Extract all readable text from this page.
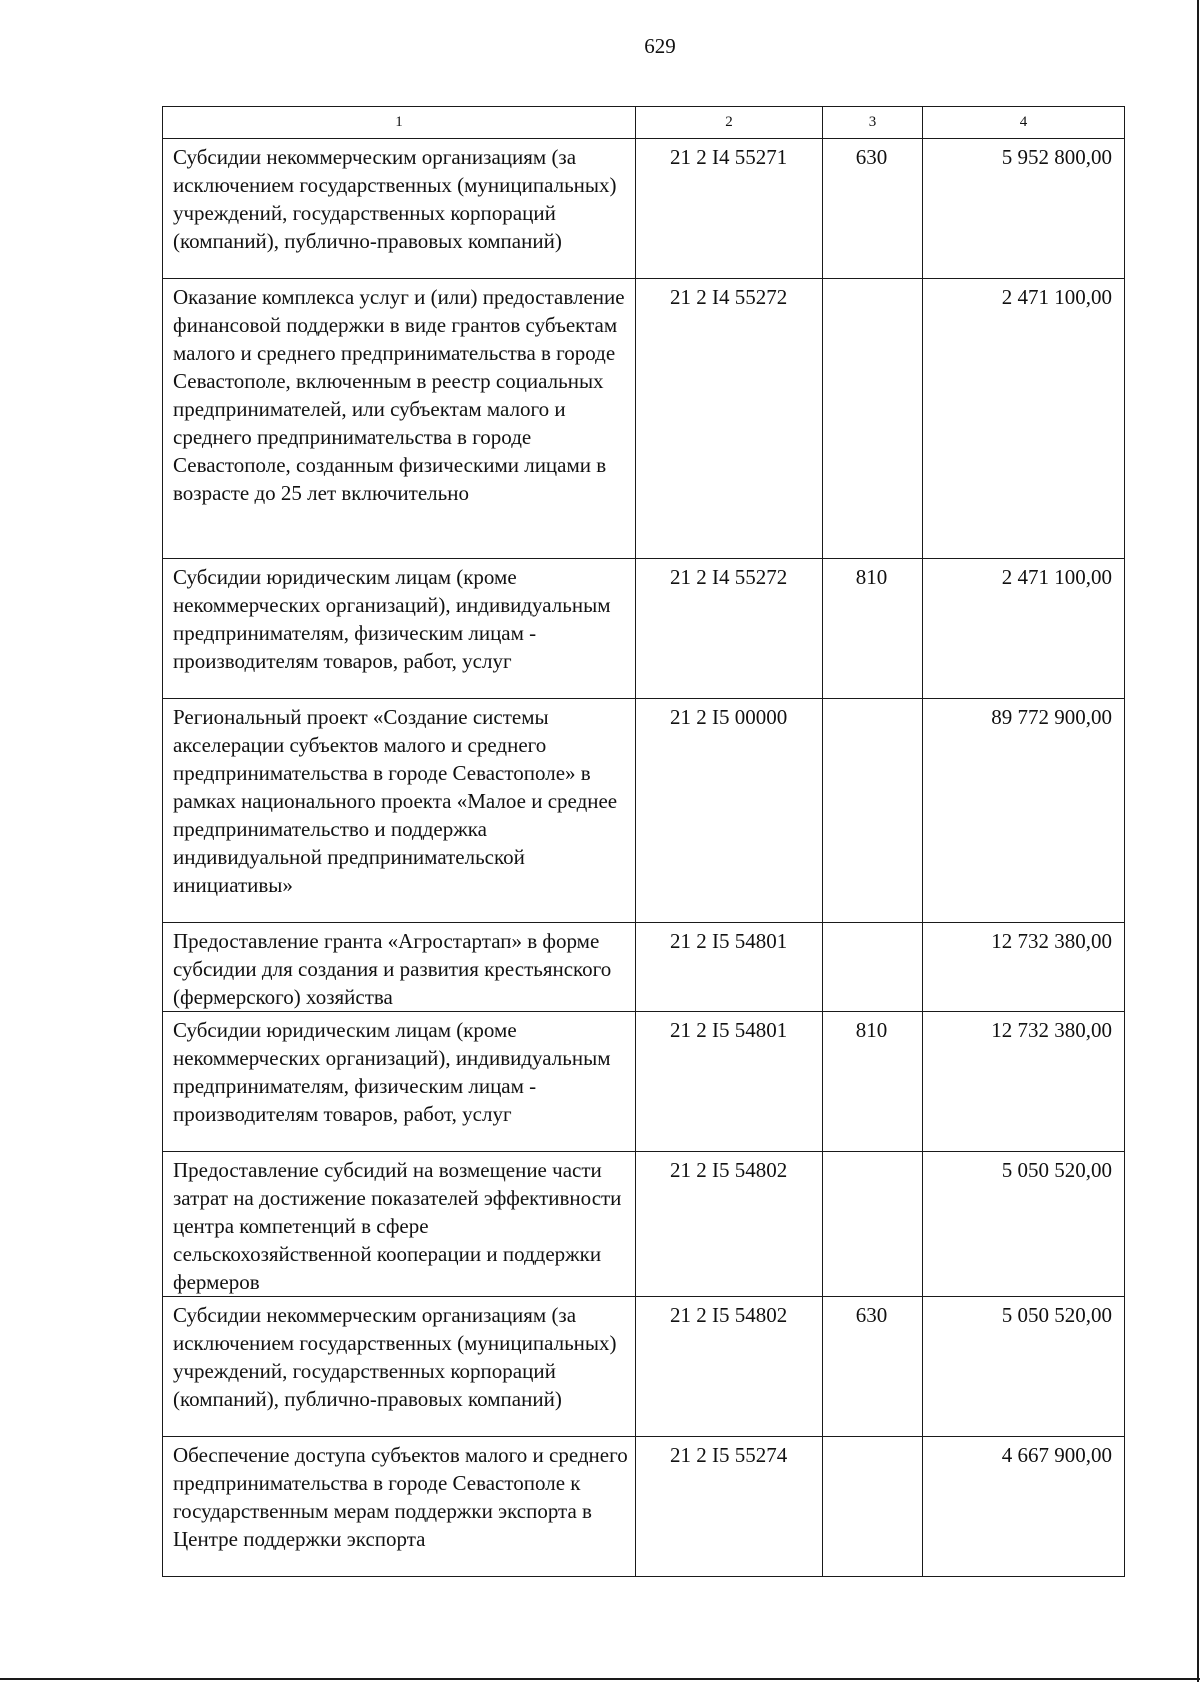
629
1	2	3	4
Субсидии некоммерческим организациям (за исключением государственных (муниципальных) учреждений, государственных корпораций (компаний), публично-правовых компаний)	21 2 I4 55271	630	5 952 800,00
Оказание комплекса услуг и (или) предоставление финансовой поддержки в виде грантов субъектам малого и среднего предпринимательства в городе Севастополе, включенным в реестр социальных предпринимателей, или субъектам малого и среднего предпринимательства в городе Севастополе, созданным физическими лицами в возрасте до 25 лет включительно	21 2 I4 55272		2 471 100,00
Субсидии юридическим лицам (кроме некоммерческих организаций), индивидуальным предпринимателям, физическим лицам - производителям товаров, работ, услуг	21 2 I4 55272	810	2 471 100,00
Региональный проект «Создание системы акселерации субъектов малого и среднего предпринимательства в городе Севастополе» в рамках национального проекта «Малое и среднее предпринимательство и поддержка индивидуальной предпринимательской инициативы»	21 2 I5 00000		89 772 900,00
Предоставление гранта «Агростартап» в форме субсидии для создания и развития крестьянского (фермерского) хозяйства	21 2 I5 54801		12 732 380,00
Субсидии юридическим лицам (кроме некоммерческих организаций), индивидуальным предпринимателям, физическим лицам - производителям товаров, работ, услуг	21 2 I5 54801	810	12 732 380,00
Предоставление субсидий на возмещение части затрат на достижение показателей эффективности центра компетенций в сфере сельскохозяйственной кооперации и поддержки фермеров	21 2 I5 54802		5 050 520,00
Субсидии некоммерческим организациям (за исключением государственных (муниципальных) учреждений, государственных корпораций (компаний), публично-правовых компаний)	21 2 I5 54802	630	5 050 520,00
Обеспечение доступа субъектов малого и среднего предпринимательства в городе Севастополе к государственным мерам поддержки экспорта в Центре поддержки экспорта	21 2 I5 55274		4 667 900,00
